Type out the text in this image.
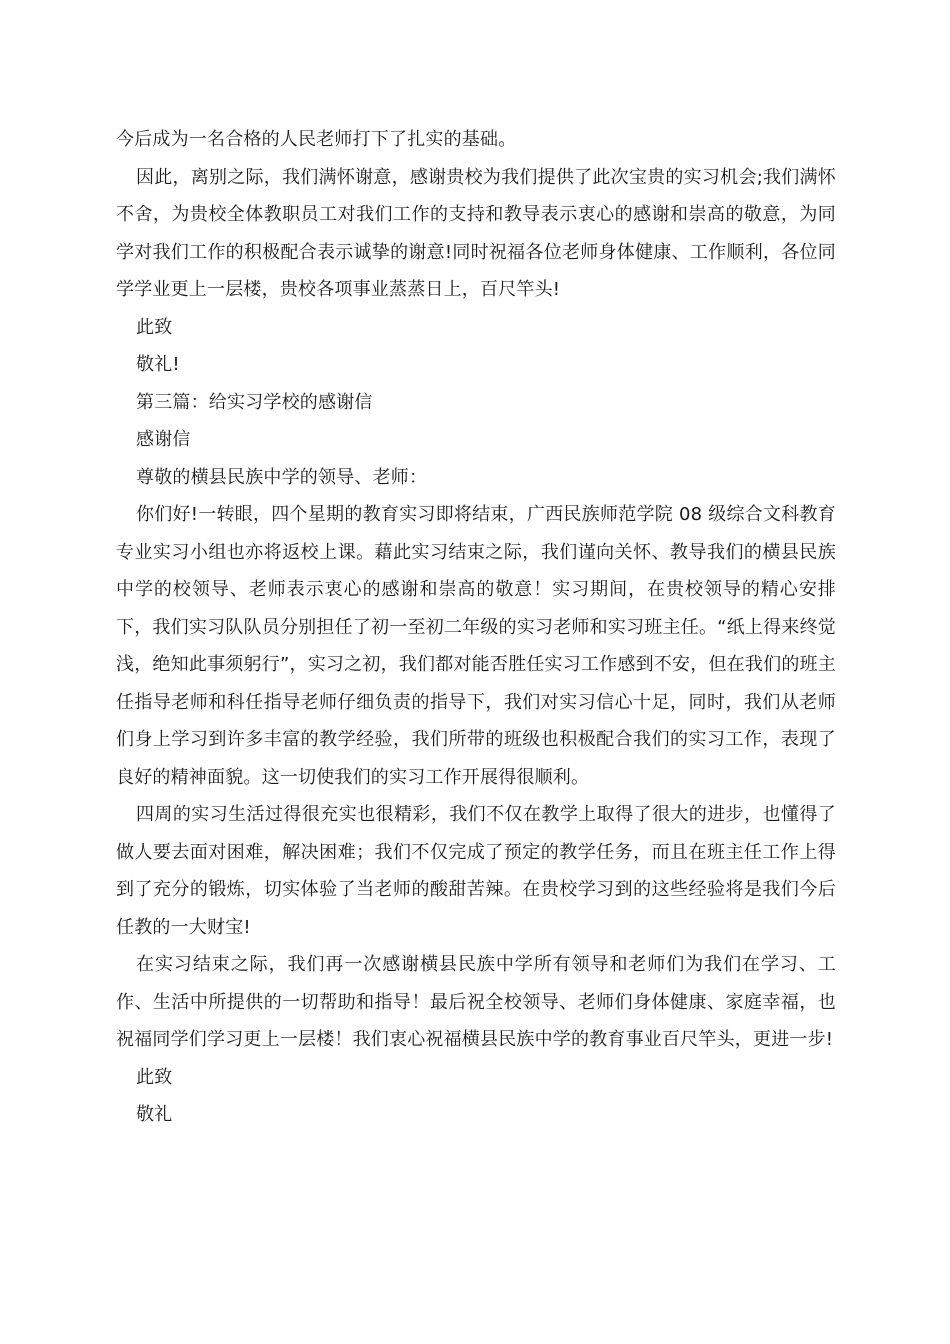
今后成为一名合格的人民老师打下了扎实的基础。

因此，离别之际，我们满怀谢意，感谢贵校为我们提供了此次宝贵的实习机会;我们满怀不舍，为贵校全体教职员工对我们工作的支持和教导表示衷心的感谢和崇高的敬意，为同学对我们工作的积极配合表示诚挚的谢意!同时祝福各位老师身体健康、工作顺利，各位同学学业更上一层楼，贵校各项事业蒸蒸日上，百尺竿头!

此致

敬礼!

第三篇：给实习学校的感谢信

感谢信

尊敬的横县民族中学的领导、老师：

你们好!一转眼，四个星期的教育实习即将结束，广西民族师范学院 08 级综合文科教育专业实习小组也亦将返校上课。藉此实习结束之际，我们谨向关怀、教导我们的横县民族中学的校领导、老师表示衷心的感谢和崇高的敬意！实习期间，在贵校领导的精心安排下，我们实习队队员分别担任了初一至初二年级的实习老师和实习班主任。“纸上得来终觉浅，绝知此事须躬行”，实习之初，我们都对能否胜任实习工作感到不安，但在我们的班主任指导老师和科任指导老师仔细负责的指导下，我们对实习信心十足，同时，我们从老师们身上学习到许多丰富的教学经验，我们所带的班级也积极配合我们的实习工作，表现了良好的精神面貌。这一切使我们的实习工作开展得很顺利。

四周的实习生活过得很充实也很精彩，我们不仅在教学上取得了很大的进步，也懂得了做人要去面对困难，解决困难；我们不仅完成了预定的教学任务，而且在班主任工作上得到了充分的锻炼，切实体验了当老师的酸甜苦辣。在贵校学习到的这些经验将是我们今后任教的一大财宝!

在实习结束之际，我们再一次感谢横县民族中学所有领导和老师们为我们在学习、工作、生活中所提供的一切帮助和指导！最后祝全校领导、老师们身体健康、家庭幸福，也祝福同学们学习更上一层楼！我们衷心祝福横县民族中学的教育事业百尺竿头，更进一步!

此致

敬礼
